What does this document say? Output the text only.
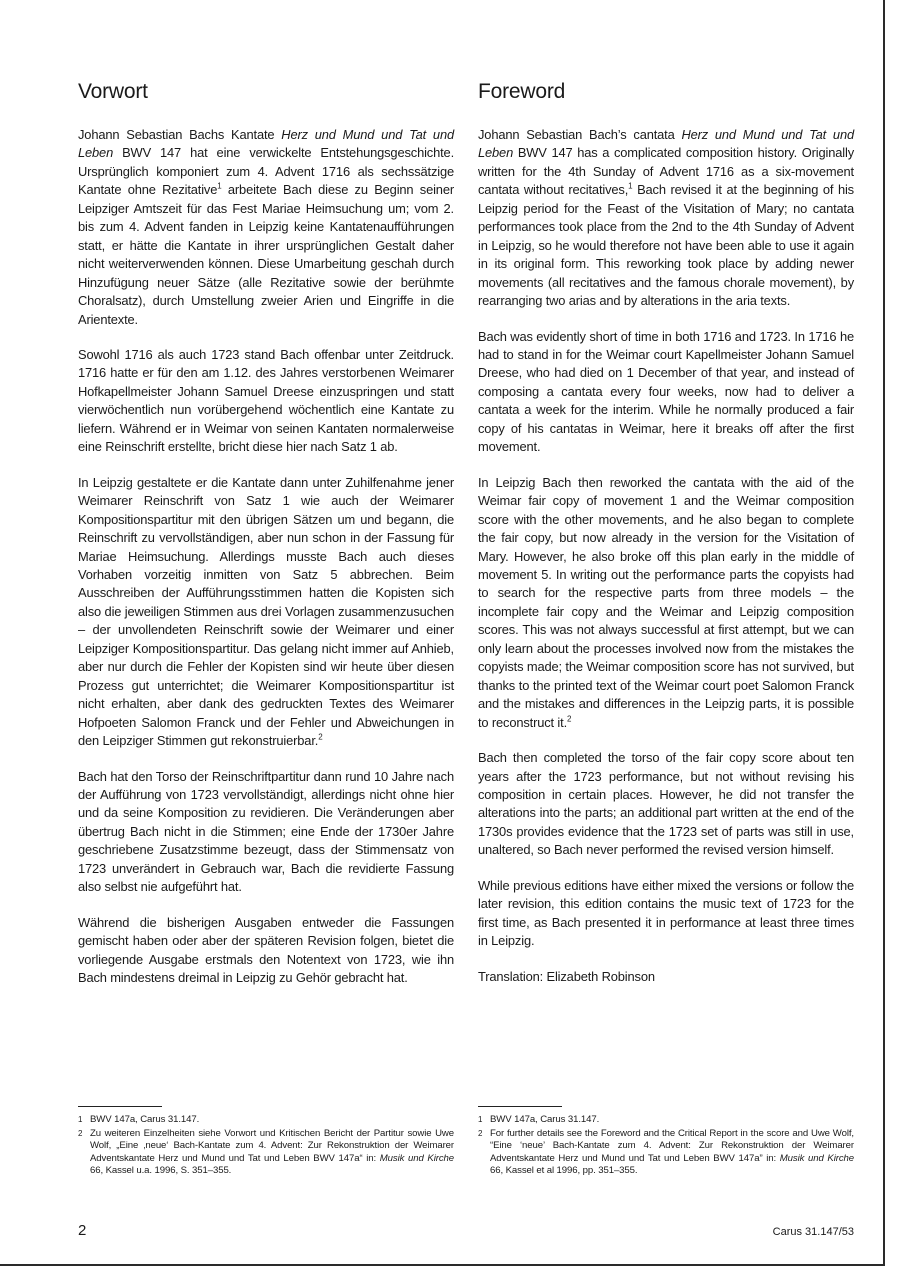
Vorwort

Johann Sebastian Bachs Kantate Herz und Mund und Tat und Leben BWV 147 hat eine verwickelte Entstehungsgeschichte. Ursprünglich komponiert zum 4. Advent 1716 als sechssätzige Kantate ohne Rezitative$^1$ arbeitete Bach diese zu Beginn seiner Leipziger Amtszeit für das Fest Mariae Heimsuchung um; vom 2. bis zum 4. Advent fanden in Leipzig keine Kantatenaufführungen statt, er hätte die Kantate in ihrer ursprünglichen Gestalt daher nicht weiterverwenden können. Diese Umarbeitung geschah durch Hinzufügung neuer Sätze (alle Rezitative sowie der berühmte Choralsatz), durch Umstellung zweier Arien und Eingriffe in die Arientexte.

Sowohl 1716 als auch 1723 stand Bach offenbar unter Zeitdruck. 1716 hatte er für den am 1.12. des Jahres verstorbenen Weimarer Hofkapellmeister Johann Samuel Dreese einzuspringen und statt vierwöchentlich nun vorübergehend wöchentlich eine Kantate zu liefern. Während er in Weimar von seinen Kantaten normalerweise eine Reinschrift erstellte, bricht diese hier nach Satz 1 ab.

In Leipzig gestaltete er die Kantate dann unter Zuhilfenahme jener Weimarer Reinschrift von Satz 1 wie auch der Weimarer Kompositionspartitur mit den übrigen Sätzen um und begann, die Reinschrift zu vervollständigen, aber nun schon in der Fassung für Mariae Heimsuchung. Allerdings musste Bach auch dieses Vorhaben vorzeitig inmitten von Satz 5 abbrechen. Beim Ausschreiben der Aufführungsstimmen hatten die Kopisten sich also die jeweiligen Stimmen aus drei Vorlagen zusammenzusuchen – der unvollendeten Reinschrift sowie der Weimarer und einer Leipziger Kompositionspartitur. Das gelang nicht immer auf Anhieb, aber nur durch die Fehler der Kopisten sind wir heute über diesen Prozess gut unterrichtet; die Weimarer Kompositionspartitur ist nicht erhalten, aber dank des gedruckten Textes des Weimarer Hofpoeten Salomon Franck und der Fehler und Abweichungen in den Leipziger Stimmen gut rekonstruierbar.$^2$

Bach hat den Torso der Reinschriftpartitur dann rund 10 Jahre nach der Aufführung von 1723 vervollständigt, allerdings nicht ohne hier und da seine Komposition zu revidieren. Die Veränderungen aber übertrug Bach nicht in die Stimmen; eine Ende der 1730er Jahre geschriebene Zusatzstimme bezeugt, dass der Stimmensatz von 1723 unverändert in Gebrauch war, Bach die revidierte Fassung also selbst nie aufgeführt hat.

Während die bisherigen Ausgaben entweder die Fassungen gemischt haben oder aber der späteren Revision folgen, bietet die vorliegende Ausgabe erstmals den Notentext von 1723, wie ihn Bach mindestens dreimal in Leipzig zu Gehör gebracht hat.

Foreword

Johann Sebastian Bach’s cantata Herz und Mund und Tat und Leben BWV 147 has a complicated composition history. Originally written for the 4th Sunday of Advent 1716 as a six-movement cantata without recitatives,$^1$ Bach revised it at the beginning of his Leipzig period for the Feast of the Visitation of Mary; no cantata performances took place from the 2nd to the 4th Sunday of Advent in Leipzig, so he would therefore not have been able to use it again in its original form. This reworking took place by adding newer movements (all recitatives and the famous chorale movement), by rearranging two arias and by alterations in the aria texts.

Bach was evidently short of time in both 1716 and 1723. In 1716 he had to stand in for the Weimar court Kapellmeister Johann Samuel Dreese, who had died on 1 December of that year, and instead of composing a cantata every four weeks, now had to deliver a cantata a week for the interim. While he normally produced a fair copy of his cantatas in Weimar, here it breaks off after the first movement.

In Leipzig Bach then reworked the cantata with the aid of the Weimar fair copy of movement 1 and the Weimar composition score with the other movements, and he also began to complete the fair copy, but now already in the version for the Visitation of Mary. However, he also broke off this plan early in the middle of movement 5. In writing out the performance parts the copyists had to search for the respective parts from three models – the incomplete fair copy and the Weimar and Leipzig composition scores. This was not always successful at first attempt, but we can only learn about the processes involved now from the mistakes the copyists made; the Weimar composition score has not survived, but thanks to the printed text of the Weimar court poet Salomon Franck and the mistakes and differences in the Leipzig parts, it is possible to reconstruct it.$^2$

Bach then completed the torso of the fair copy score about ten years after the 1723 performance, but not without revising his composition in certain places. However, he did not transfer the alterations into the parts; an additional part written at the end of the 1730s provides evidence that the 1723 set of parts was still in use, unaltered, so Bach never performed the revised version himself.

While previous editions have either mixed the versions or follow the later revision, this edition contains the music text of 1723 for the first time, as Bach presented it in performance at least three times in Leipzig.

Translation: Elizabeth Robinson

1 BWV 147a, Carus 31.147.

2 Zu weiteren Einzelheiten siehe Vorwort und Kritischen Bericht der Partitur sowie Uwe Wolf, „Eine ‚neue‘ Bach-Kantate zum 4. Advent: Zur Rekonstruktion der Weimarer Adventskantate Herz und Mund und Tat und Leben BWV 147a“ in: Musik und Kirche 66, Kassel u.a. 1996, S. 351–355.

1 BWV 147a, Carus 31.147.

2 For further details see the Foreword and the Critical Report in the score and Uwe Wolf, “Eine ‘neue’ Bach-Kantate zum 4. Advent: Zur Rekonstruktion der Weimarer Adventskantate Herz und Mund und Tat und Leben BWV 147a” in: Musik und Kirche 66, Kassel et al 1996, pp. 351–355.

2	Carus 31.147/53
